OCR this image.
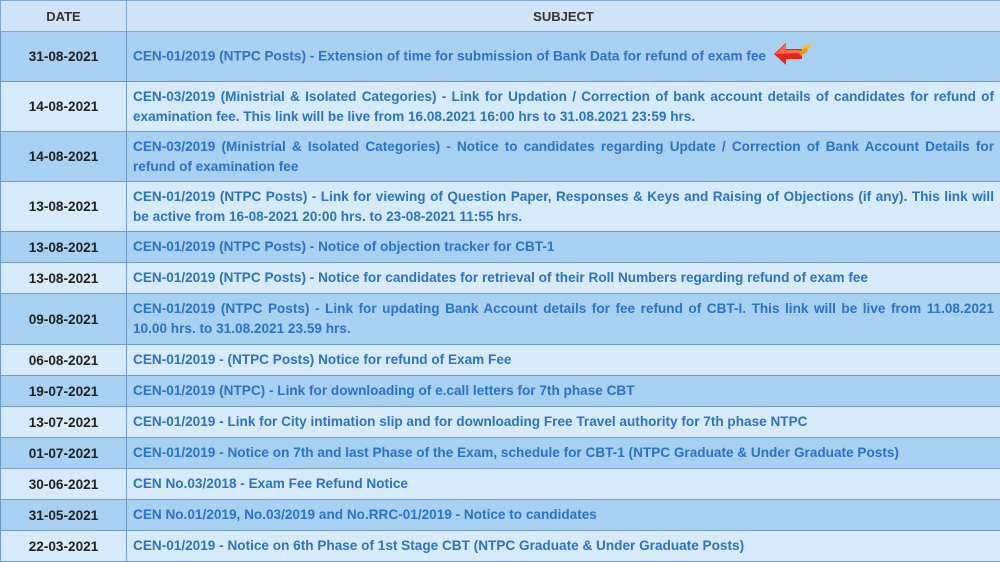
DATE	SUBJECT
31-08-2021	CEN-01/2019 (NTPC Posts) - Extension of time for submission of Bank Data for refund of exam fee
14-08-2021	CEN-03/2019 (Ministrial & Isolated Categories) - Link for Updation / Correction of bank account details of candidates for refund of examination fee. This link will be live from 16.08.2021 16:00 hrs to 31.08.2021 23:59 hrs.
14-08-2021	CEN-03/2019 (Ministrial & Isolated Categories) - Notice to candidates regarding Update / Correction of Bank Account Details for refund of examination fee
13-08-2021	CEN-01/2019 (NTPC Posts) - Link for viewing of Question Paper, Responses & Keys and Raising of Objections (if any). This link will be active from 16-08-2021 20:00 hrs. to 23-08-2021 11:55 hrs.
13-08-2021	CEN-01/2019 (NTPC Posts) - Notice of objection tracker for CBT-1
13-08-2021	CEN-01/2019 (NTPC Posts) - Notice for candidates for retrieval of their Roll Numbers regarding refund of exam fee
09-08-2021	CEN-01/2019 (NTPC Posts) - Link for updating Bank Account details for fee refund of CBT-I. This link will be live from 11.08.2021 10.00 hrs. to 31.08.2021 23.59 hrs.
06-08-2021	CEN-01/2019 - (NTPC Posts) Notice for refund of Exam Fee
19-07-2021	CEN-01/2019 (NTPC) - Link for downloading of e.call letters for 7th phase CBT
13-07-2021	CEN-01/2019 - Link for City intimation slip and for downloading Free Travel authority for 7th phase NTPC
01-07-2021	CEN-01/2019 - Notice on 7th and last Phase of the Exam, schedule for CBT-1 (NTPC Graduate & Under Graduate Posts)
30-06-2021	CEN No.03/2018 - Exam Fee Refund Notice
31-05-2021	CEN No.01/2019, No.03/2019 and No.RRC-01/2019 - Notice to candidates
22-03-2021	CEN-01/2019 - Notice on 6th Phase of 1st Stage CBT (NTPC Graduate & Under Graduate Posts)
